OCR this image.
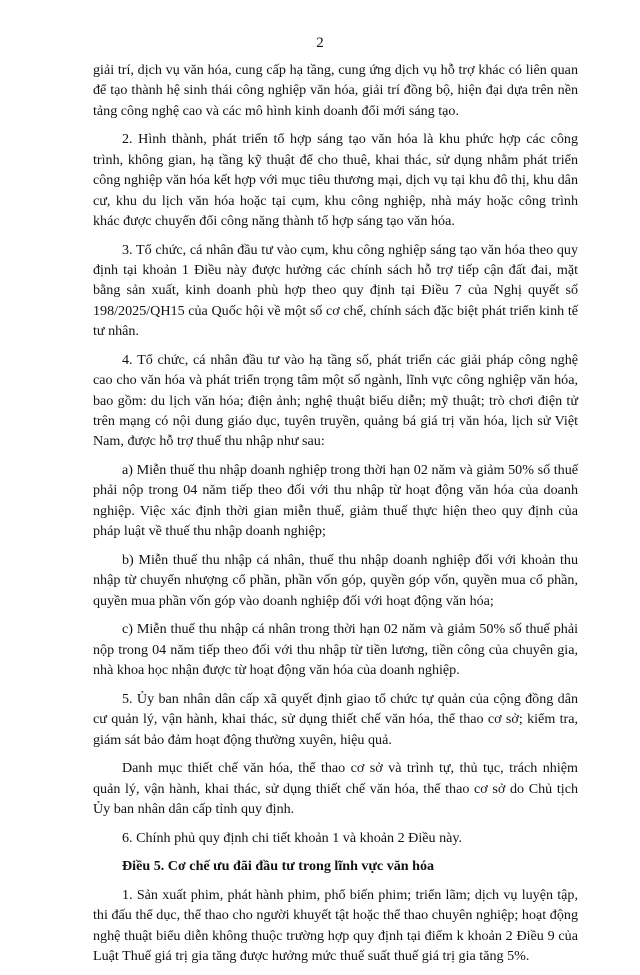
2

giải trí, dịch vụ văn hóa, cung cấp hạ tầng, cung ứng dịch vụ hỗ trợ khác có liên quan để tạo thành hệ sinh thái công nghiệp văn hóa, giải trí đồng bộ, hiện đại dựa trên nền tảng công nghệ cao và các mô hình kinh doanh đổi mới sáng tạo.

2. Hình thành, phát triển tổ hợp sáng tạo văn hóa là khu phức hợp các công trình, không gian, hạ tầng kỹ thuật để cho thuê, khai thác, sử dụng nhằm phát triển công nghiệp văn hóa kết hợp với mục tiêu thương mại, dịch vụ tại khu đô thị, khu dân cư, khu du lịch văn hóa hoặc tại cụm, khu công nghiệp, nhà máy hoặc công trình khác được chuyển đổi công năng thành tổ hợp sáng tạo văn hóa.

3. Tổ chức, cá nhân đầu tư vào cụm, khu công nghiệp sáng tạo văn hóa theo quy định tại khoản 1 Điều này được hưởng các chính sách hỗ trợ tiếp cận đất đai, mặt bằng sản xuất, kinh doanh phù hợp theo quy định tại Điều 7 của Nghị quyết số 198/2025/QH15 của Quốc hội về một số cơ chế, chính sách đặc biệt phát triển kinh tế tư nhân.

4. Tổ chức, cá nhân đầu tư vào hạ tầng số, phát triển các giải pháp công nghệ cao cho văn hóa và phát triển trọng tâm một số ngành, lĩnh vực công nghiệp văn hóa, bao gồm: du lịch văn hóa; điện ảnh; nghệ thuật biểu diễn; mỹ thuật; trò chơi điện tử trên mạng có nội dung giáo dục, tuyên truyền, quảng bá giá trị văn hóa, lịch sử Việt Nam, được hỗ trợ thuế thu nhập như sau:

a) Miễn thuế thu nhập doanh nghiệp trong thời hạn 02 năm và giảm 50% số thuế phải nộp trong 04 năm tiếp theo đối với thu nhập từ hoạt động văn hóa của doanh nghiệp. Việc xác định thời gian miễn thuế, giảm thuế thực hiện theo quy định của pháp luật về thuế thu nhập doanh nghiệp;

b) Miễn thuế thu nhập cá nhân, thuế thu nhập doanh nghiệp đối với khoản thu nhập từ chuyển nhượng cổ phần, phần vốn góp, quyền góp vốn, quyền mua cổ phần, quyền mua phần vốn góp vào doanh nghiệp đối với hoạt động văn hóa;

c) Miễn thuế thu nhập cá nhân trong thời hạn 02 năm và giảm 50% số thuế phải nộp trong 04 năm tiếp theo đối với thu nhập từ tiền lương, tiền công của chuyên gia, nhà khoa học nhận được từ hoạt động văn hóa của doanh nghiệp.

5. Ủy ban nhân dân cấp xã quyết định giao tổ chức tự quản của cộng đồng dân cư quản lý, vận hành, khai thác, sử dụng thiết chế văn hóa, thể thao cơ sở; kiểm tra, giám sát bảo đảm hoạt động thường xuyên, hiệu quả.

Danh mục thiết chế văn hóa, thể thao cơ sở và trình tự, thủ tục, trách nhiệm quản lý, vận hành, khai thác, sử dụng thiết chế văn hóa, thể thao cơ sở do Chủ tịch Ủy ban nhân dân cấp tỉnh quy định.

6. Chính phủ quy định chi tiết khoản 1 và khoản 2 Điều này.

Điều 5. Cơ chế ưu đãi đầu tư trong lĩnh vực văn hóa

1. Sản xuất phim, phát hành phim, phổ biến phim; triển lãm; dịch vụ luyện tập, thi đấu thể dục, thể thao cho người khuyết tật hoặc thể thao chuyên nghiệp; hoạt động nghệ thuật biểu diễn không thuộc trường hợp quy định tại điểm k khoản 2 Điều 9 của Luật Thuế giá trị gia tăng được hưởng mức thuế suất thuế giá trị gia tăng 5%.
